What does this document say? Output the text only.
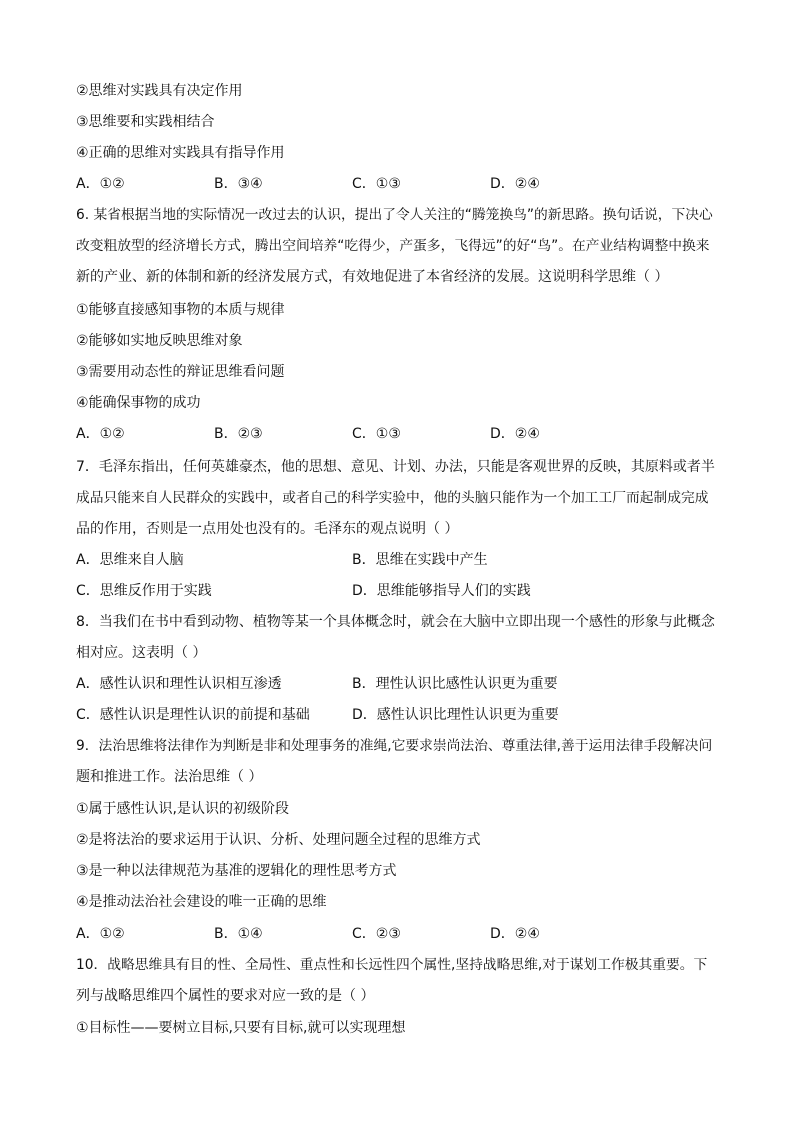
②思维对实践具有决定作用
③思维要和实践相结合
④正确的思维对实践具有指导作用
A．①②	B．③④	C．①③	D．②④
6. 某省根据当地的实际情况一改过去的认识，提出了令人关注的“腾笼换鸟”的新思路。换句话说，下决心
改变粗放型的经济增长方式，腾出空间培养“吃得少，产蛋多，飞得远”的好“鸟”。在产业结构调整中换来
新的产业、新的体制和新的经济发展方式，有效地促进了本省经济的发展。这说明科学思维（ ）
①能够直接感知事物的本质与规律
②能够如实地反映思维对象
③需要用动态性的辩证思维看问题
④能确保事物的成功
A．①②	B．②③	C．①③	D．②④
7．毛泽东指出，任何英雄豪杰，他的思想、意见、计划、办法，只能是客观世界的反映，其原料或者半
成品只能来自人民群众的实践中，或者自己的科学实验中，他的头脑只能作为一个加工工厂而起制成完成
品的作用，否则是一点用处也没有的。毛泽东的观点说明（ ）
A．思维来自人脑	B．思维在实践中产生
C．思维反作用于实践	D．思维能够指导人们的实践
8．当我们在书中看到动物、植物等某一个具体概念时，就会在大脑中立即出现一个感性的形象与此概念
相对应。这表明（ ）
A．感性认识和理性认识相互渗透	B．理性认识比感性认识更为重要
C．感性认识是理性认识的前提和基础	D．感性认识比理性认识更为重要
9．法治思维将法律作为判断是非和处理事务的准绳,它要求崇尚法治、尊重法律,善于运用法律手段解决问
题和推进工作。法治思维（ ）
①属于感性认识,是认识的初级阶段
②是将法治的要求运用于认识、分析、处理问题全过程的思维方式
③是一种以法律规范为基准的逻辑化的理性思考方式
④是推动法治社会建设的唯一正确的思维
A．①②	B．①④	C．②③	D．②④
10．战略思维具有目的性、全局性、重点性和长远性四个属性,坚持战略思维,对于谋划工作极其重要。下
列与战略思维四个属性的要求对应一致的是（ ）
①目标性——要树立目标,只要有目标,就可以实现理想
